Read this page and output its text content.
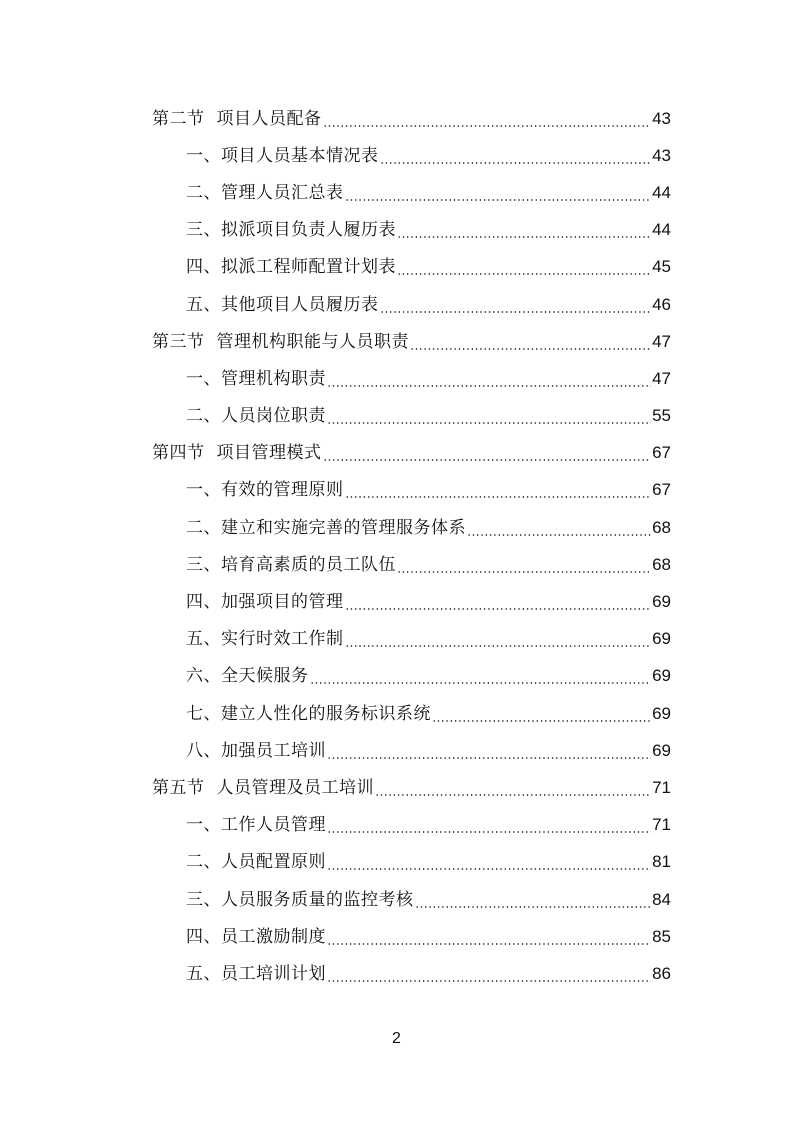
第二节 项目人员配备	43
一、项目人员基本情况表	43
二、管理人员汇总表	44
三、拟派项目负责人履历表	44
四、拟派工程师配置计划表	45
五、其他项目人员履历表	46
第三节 管理机构职能与人员职责	47
一、管理机构职责	47
二、人员岗位职责	55
第四节 项目管理模式	67
一、有效的管理原则	67
二、建立和实施完善的管理服务体系	68
三、培育高素质的员工队伍	68
四、加强项目的管理	69
五、实行时效工作制	69
六、全天候服务	69
七、建立人性化的服务标识系统	69
八、加强员工培训	69
第五节 人员管理及员工培训	71
一、工作人员管理	71
二、人员配置原则	81
三、人员服务质量的监控考核	84
四、员工激励制度	85
五、员工培训计划	86
2
